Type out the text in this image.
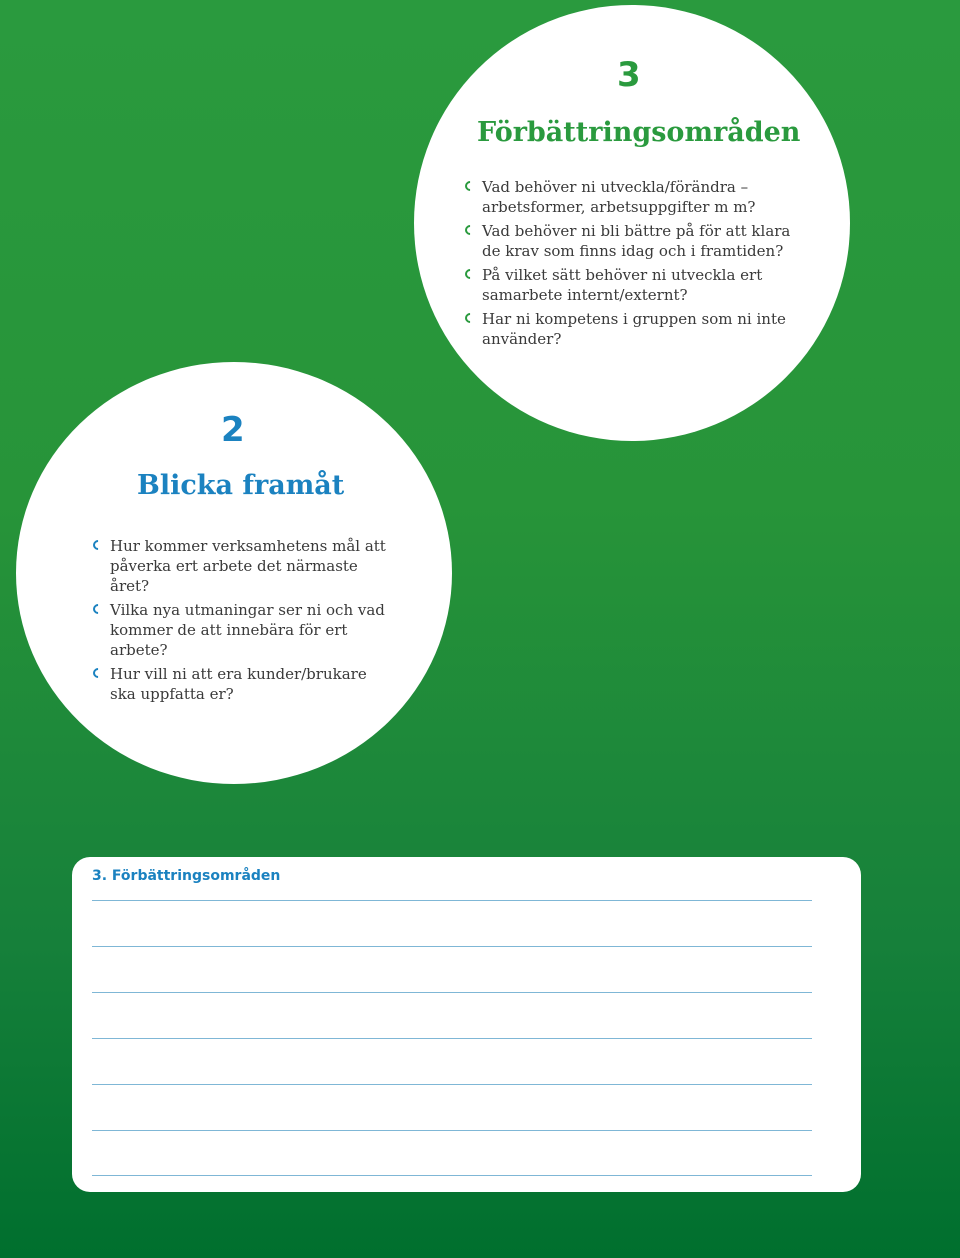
3
Förbättringsområden
Vad behöver ni utveckla/förändra – arbetsformer, arbetsuppgifter m m?
Vad behöver ni bli bättre på för att klara de krav som finns idag och i framtiden?
På vilket sätt behöver ni utveckla ert samarbete internt/externt?
Har ni kompetens i gruppen som ni inte använder?
2
Blicka framåt
Hur kommer verksamhetens mål att påverka ert arbete det närmaste året?
Vilka nya utmaningar ser ni och vad kommer de att innebära för ert arbete?
Hur vill ni att era kunder/brukare ska uppfatta er?

3. Förbättringsområden
